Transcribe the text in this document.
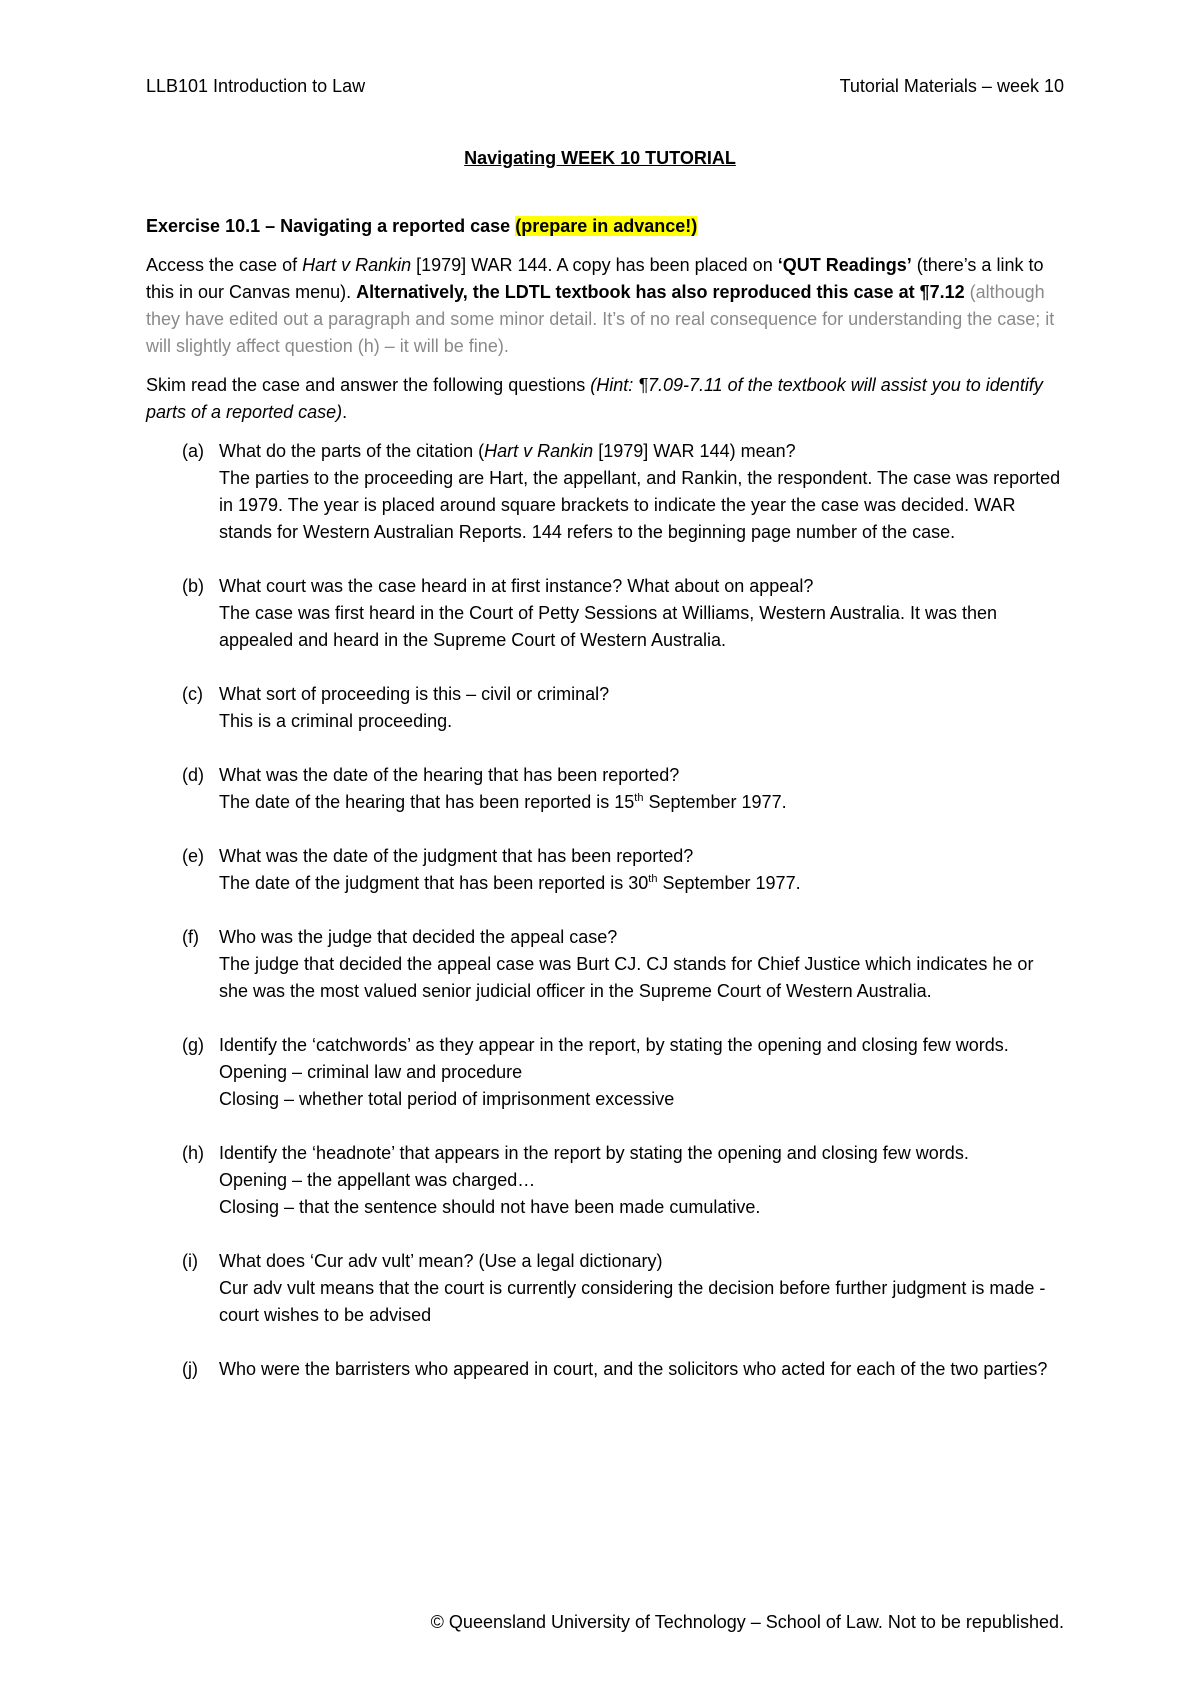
LLB101 Introduction to Law	Tutorial Materials – week 10
Navigating WEEK 10 TUTORIAL

Exercise 10.1 – Navigating a reported case (prepare in advance!)

Access the case of Hart v Rankin [1979] WAR 144. A copy has been placed on ‘QUT Readings’ (there’s a link to this in our Canvas menu). Alternatively, the LDTL textbook has also reproduced this case at ¶7.12 (although they have edited out a paragraph and some minor detail. It’s of no real consequence for understanding the case; it will slightly affect question (h) – it will be fine).

Skim read the case and answer the following questions (Hint: ¶7.09-7.11 of the textbook will assist you to identify parts of a reported case).

(a) What do the parts of the citation (Hart v Rankin [1979] WAR 144) mean?
The parties to the proceeding are Hart, the appellant, and Rankin, the respondent. The case was reported in 1979. The year is placed around square brackets to indicate the year the case was decided. WAR stands for Western Australian Reports. 144 refers to the beginning page number of the case.
(b) What court was the case heard in at first instance? What about on appeal?
The case was first heard in the Court of Petty Sessions at Williams, Western Australia. It was then appealed and heard in the Supreme Court of Western Australia.
(c) What sort of proceeding is this – civil or criminal?
This is a criminal proceeding.
(d) What was the date of the hearing that has been reported?
The date of the hearing that has been reported is 15th September 1977.
(e) What was the date of the judgment that has been reported?
The date of the judgment that has been reported is 30th September 1977.
(f) Who was the judge that decided the appeal case?
The judge that decided the appeal case was Burt CJ. CJ stands for Chief Justice which indicates he or she was the most valued senior judicial officer in the Supreme Court of Western Australia.
(g) Identify the ‘catchwords’ as they appear in the report, by stating the opening and closing few words.
Opening – criminal law and procedure
Closing – whether total period of imprisonment excessive
(h) Identify the ‘headnote’ that appears in the report by stating the opening and closing few words.
Opening – the appellant was charged…
Closing – that the sentence should not have been made cumulative.
(i) What does ‘Cur adv vult’ mean? (Use a legal dictionary)
Cur adv vult means that the court is currently considering the decision before further judgment is made - court wishes to be advised
(j) Who were the barristers who appeared in court, and the solicitors who acted for each of the two parties?
© Queensland University of Technology – School of Law. Not to be republished.
